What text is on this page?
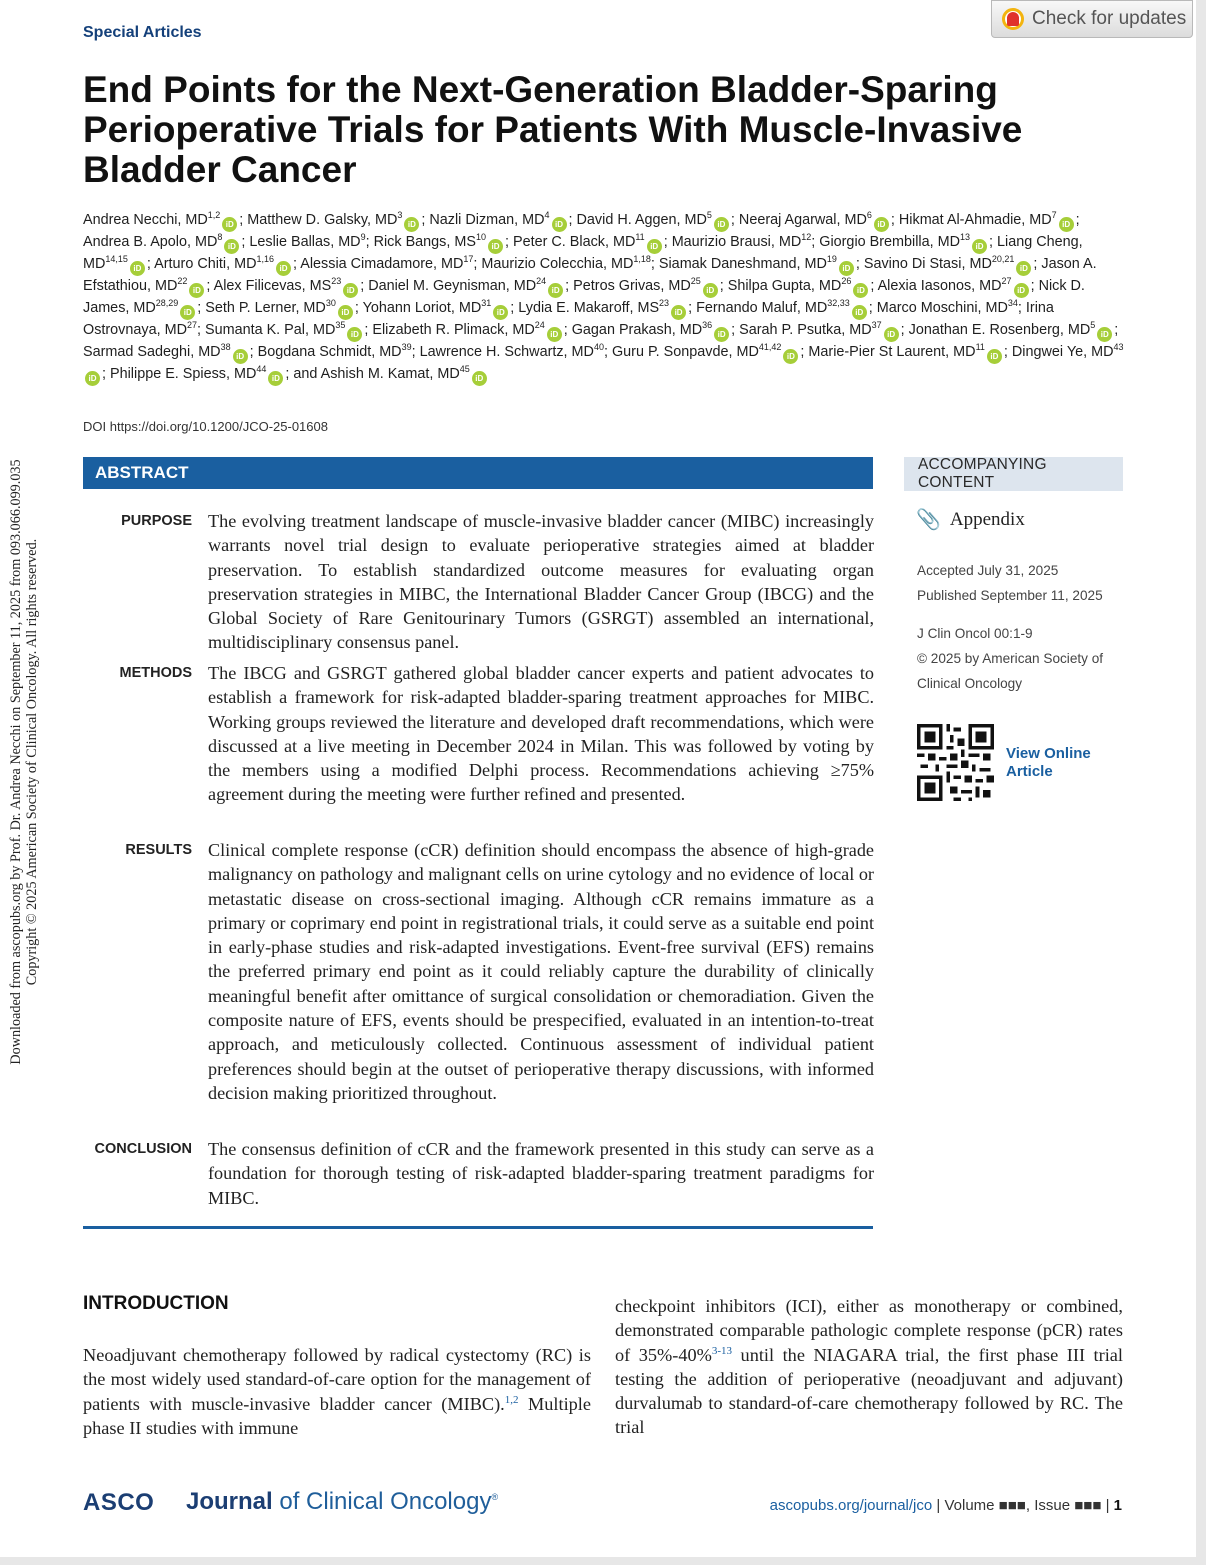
Check for updates
Downloaded from ascopubs.org by Prof. Dr. Andrea Necchi on September 11, 2025 from 093.066.099.035 Copyright © 2025 American Society of Clinical Oncology. All rights reserved.
Special Articles
End Points for the Next-Generation Bladder-Sparing Perioperative Trials for Patients With Muscle-Invasive Bladder Cancer
Andrea Necchi, MD$^{1,2}$iD ; Matthew D. Galsky, $MD^3iD$ ; Nazli Dizman, $MD^4iD$ ; David H. Aggen, $MD^5iD$ ; Neeraj Agarwal, $MD^6iD$ ; Hikmat Al-Ahmadie, $MD^7iD$ ; Andrea B. Apolo, $MD^8iD$ ; Leslie Ballas, $MD^9$; Rick Bangs, MS$^{10}$iD ; Peter C. Black, MD$^{11}$iD ; Maurizio Brausi, MD$^{12}$; Giorgio Brembilla, MD$^{13}$iD ; Liang Cheng, MD$^{14,15}$iD ; Arturo Chiti, MD$^{1,16}$iD ; Alessia Cimadamore, MD$^{17}$; Maurizio Colecchia, MD$^{1,18}$; Siamak Daneshmand, MD$^{19}$iD ; Savino Di Stasi, MD$^{20,21}$iD ; Jason A. Efstathiou, MD$^{22}$iD ; Alex Filicevas, MS$^{23}$iD ; Daniel M. Geynisman, MD$^{24}$iD ; Petros Grivas, MD$^{25}$iD ; Shilpa Gupta, MD$^{26}$iD ; Alexia Iasonos, MD$^{27}$iD ; Nick D. James, MD$^{28,29}$iD ; Seth P. Lerner, MD$^{30}$iD ; Yohann Loriot, MD$^{31}$iD ; Lydia E. Makaroff, MS$^{23}$iD ; Fernando Maluf, MD$^{32,33}$iD ; Marco Moschini, MD$^{34}$; Irina Ostrovnaya, MD$^{27}$; Sumanta K. Pal, MD$^{35}$iD ; Elizabeth R. Plimack, MD$^{24}$iD ; Gagan Prakash, MD$^{36}$iD ; Sarah P. Psutka, MD$^{37}$iD ; Jonathan E. Rosenberg, $MD^5iD$ ; Sarmad Sadeghi, MD$^{38}$iD ; Bogdana Schmidt, MD$^{39}$; Lawrence H. Schwartz, MD$^{40}$; Guru P. Sonpavde, MD$^{41,42}$iD ; Marie-Pier St Laurent, MD$^{11}$iD ; Dingwei Ye, MD$^{43}$iD ; Philippe E. Spiess, MD$^{44}$iD ; and Ashish M. Kamat, MD$^{45}$iD
DOI https://doi.org/10.1200/JCO-25-01608
ABSTRACT
PURPOSE The evolving treatment landscape of muscle-invasive bladder cancer (MIBC) increasingly warrants novel trial design to evaluate perioperative strategies aimed at bladder preservation. To establish standardized outcome measures for evaluating organ preservation strategies in MIBC, the International Bladder Cancer Group (IBCG) and the Global Society of Rare Genitourinary Tumors (GSRGT) assembled an international, multidisciplinary consensus panel.
METHODS The IBCG and GSRGT gathered global bladder cancer experts and patient advocates to establish a framework for risk-adapted bladder-sparing treatment approaches for MIBC. Working groups reviewed the literature and developed draft recommendations, which were discussed at a live meeting in December 2024 in Milan. This was followed by voting by the members using a modified Delphi process. Recommendations achieving ≥75% agreement during the meeting were further refined and presented.
RESULTS Clinical complete response (cCR) definition should encompass the absence of high-grade malignancy on pathology and malignant cells on urine cytology and no evidence of local or metastatic disease on cross-sectional imaging. Although cCR remains immature as a primary or coprimary end point in registrational trials, it could serve as a suitable end point in early-phase studies and risk-adapted investigations. Event-free survival (EFS) remains the preferred primary end point as it could reliably capture the durability of clinically meaningful benefit after omittance of surgical consolidation or chemoradiation. Given the composite nature of EFS, events should be prespecified, evaluated in an intention-to-treat approach, and meticulously collected. Continuous assessment of individual patient preferences should begin at the outset of perioperative therapy discussions, with informed decision making prioritized throughout.
CONCLUSION The consensus definition of cCR and the framework presented in this study can serve as a foundation for thorough testing of risk-adapted bladder-sparing treatment paradigms for MIBC.
ACCOMPANYING CONTENT
📎 Appendix
Accepted July 31, 2025
Published September 11, 2025
J Clin Oncol 00:1-9
© 2025 by American Society of Clinical Oncology
View Online Article
INTRODUCTION

Neoadjuvant chemotherapy followed by radical cystectomy (RC) is the most widely used standard-of-care option for the management of patients with muscle-invasive bladder cancer (MIBC).$^{1,2}$ Multiple phase II studies with immune

checkpoint inhibitors (ICI), either as monotherapy or combined, demonstrated comparable pathologic complete response (pCR) rates of 35%-40%$^{3-13}$ until the NIAGARA trial, the first phase III trial testing the addition of perioperative (neoadjuvant and adjuvant) durvalumab to standard-of-care chemotherapy followed by RC. The trial

ASCO Journal of Clinical Oncology®	ascopubs.org/journal/jco | Volume ■■■, Issue ■■■ | 1
